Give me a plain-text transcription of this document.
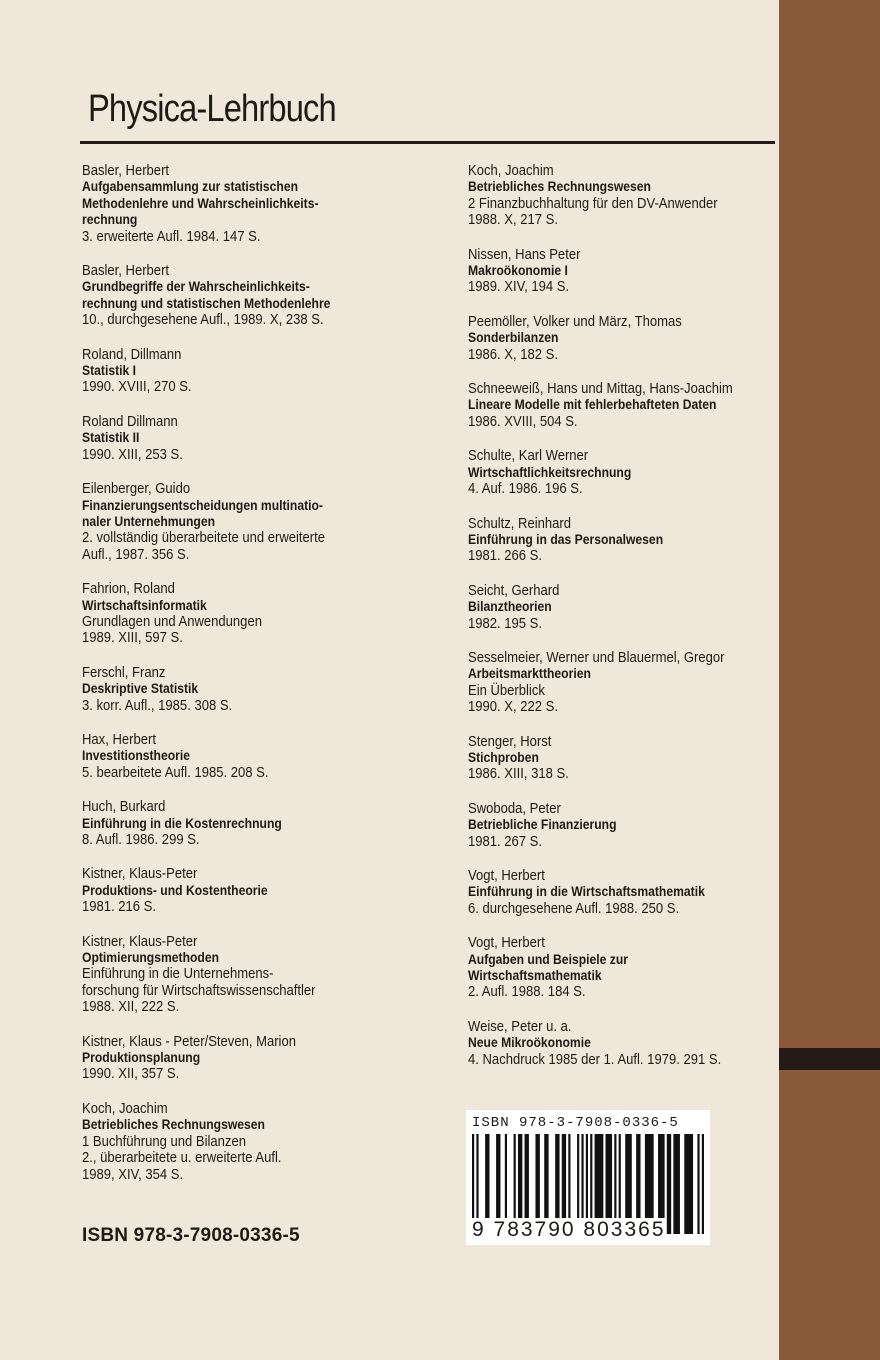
Physica-Lehrbuch
Basler, Herbert
Aufgabensammlung zur statistischen
Methodenlehre und Wahrscheinlichkeits-
rechnung
3. erweiterte Aufl. 1984. 147 S.
Basler, Herbert
Grundbegriffe der Wahrscheinlichkeits-
rechnung und statistischen Methodenlehre
10., durchgesehene Aufl., 1989. X, 238 S.
Roland, Dillmann
Statistik I
1990. XVIII, 270 S.
Roland Dillmann
Statistik II
1990. XIII, 253 S.
Eilenberger, Guido
Finanzierungsentscheidungen multinatio-
naler Unternehmungen
2. vollständig überarbeitete und erweiterte
Aufl., 1987. 356 S.
Fahrion, Roland
Wirtschaftsinformatik
Grundlagen und Anwendungen
1989. XIII, 597 S.
Ferschl, Franz
Deskriptive Statistik
3. korr. Aufl., 1985. 308 S.
Hax, Herbert
Investitionstheorie
5. bearbeitete Aufl. 1985. 208 S.
Huch, Burkard
Einführung in die Kostenrechnung
8. Aufl. 1986. 299 S.
Kistner, Klaus-Peter
Produktions- und Kostentheorie
1981. 216 S.
Kistner, Klaus-Peter
Optimierungsmethoden
Einführung in die Unternehmens-
forschung für Wirtschaftswissenschaftler
1988. XII, 222 S.
Kistner, Klaus - Peter/Steven, Marion
Produktionsplanung
1990. XII, 357 S.
Koch, Joachim
Betriebliches Rechnungswesen
1 Buchführung und Bilanzen
2., überarbeitete u. erweiterte Aufl.
1989, XIV, 354 S.
Koch, Joachim
Betriebliches Rechnungswesen
2 Finanzbuchhaltung für den DV-Anwender
1988. X, 217 S.
Nissen, Hans Peter
Makroökonomie I
1989. XIV, 194 S.
Peemöller, Volker und März, Thomas
Sonderbilanzen
1986. X, 182 S.
Schneeweiß, Hans und Mittag, Hans-Joachim
Lineare Modelle mit fehlerbehafteten Daten
1986. XVIII, 504 S.
Schulte, Karl Werner
Wirtschaftlichkeitsrechnung
4. Auf. 1986. 196 S.
Schultz, Reinhard
Einführung in das Personalwesen
1981. 266 S.
Seicht, Gerhard
Bilanztheorien
1982. 195 S.
Sesselmeier, Werner und Blauermel, Gregor
Arbeitsmarkttheorien
Ein Überblick
1990. X, 222 S.
Stenger, Horst
Stichproben
1986. XIII, 318 S.
Swoboda, Peter
Betriebliche Finanzierung
1981. 267 S.
Vogt, Herbert
Einführung in die Wirtschaftsmathematik
6. durchgesehene Aufl. 1988. 250 S.
Vogt, Herbert
Aufgaben und Beispiele zur
Wirtschaftsmathematik
2. Aufl. 1988. 184 S.
Weise, Peter u. a.
Neue Mikroökonomie
4. Nachdruck 1985 der 1. Aufl. 1979. 291 S.
ISBN 978-3-7908-0336-5
ISBN 978-3-7908-0336-5
9 783790 803365
